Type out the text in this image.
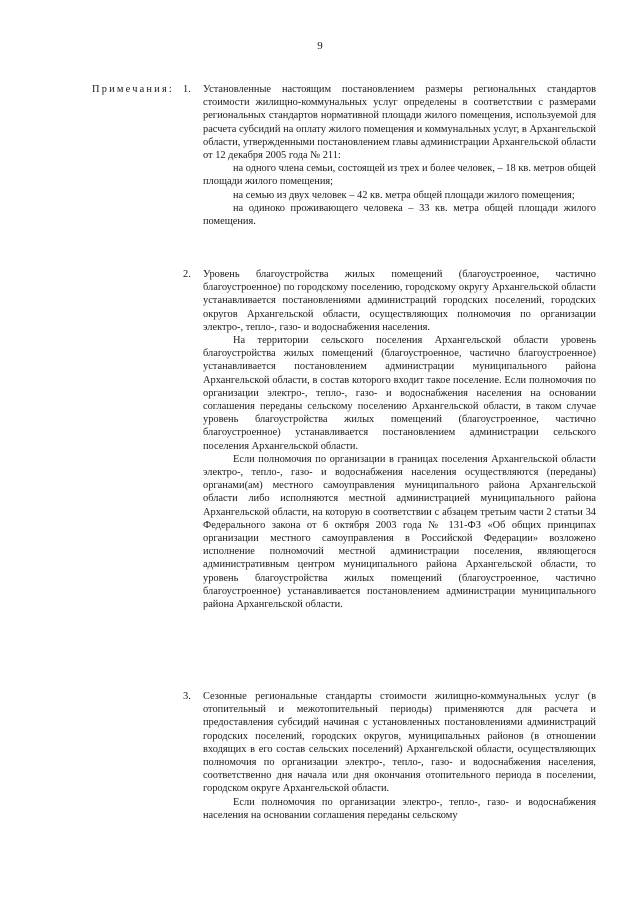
9
Примечания: 1. Установленные настоящим постановлением размеры региональных стандартов стоимости жилищно-коммунальных услуг определены в соответствии с размерами региональных стандартов нормативной площади жилого помещения, используемой для расчета субсидий на оплату жилого помещения и коммунальных услуг, в Архангельской области, утвержденными постановлением главы администрации Архангельской области от 12 декабря 2005 года № 211:

на одного члена семьи, состоящей из трех и более человек, – 18 кв. метров общей площади жилого помещения;

на семью из двух человек – 42 кв. метра общей площади жилого помещения;

на одиноко проживающего человека – 33 кв. метра общей площади жилого помещения.

2. Уровень благоустройства жилых помещений (благоустроенное, частично благоустроенное) по городскому поселению, городскому округу Архангельской области устанавливается постановлениями администраций городских поселений, городских округов Архангельской области, осуществляющих полномочия по организации электро-, тепло-, газо- и водоснабжения населения.

На территории сельского поселения Архангельской области уровень благоустройства жилых помещений (благоустроенное, частично благоустроенное) устанавливается постановлением администрации муниципального района Архангельской области, в состав которого входит такое поселение. Если полномочия по организации электро-, тепло-, газо- и водоснабжения населения на основании соглашения переданы сельскому поселению Архангельской области, в таком случае уровень благоустройства жилых помещений (благоустроенное, частично благоустроенное) устанавливается постановлением администрации сельского поселения Архангельской области.

Если полномочия по организации в границах поселения Архангельской области электро-, тепло-, газо- и водоснабжения населения осуществляются (переданы) органами(ам) местного самоуправления муниципального района Архангельской области либо исполняются местной администрацией муниципального района Архангельской области, на которую в соответствии с абзацем третьим части 2 статьи 34 Федерального закона от 6 октября 2003 года № 131-ФЗ «Об общих принципах организации местного самоуправления в Российской Федерации» возложено исполнение полномочий местной администрации поселения, являющегося административным центром муниципального района Архангельской области, то уровень благоустройства жилых помещений (благоустроенное, частично благоустроенное) устанавливается постановлением администрации муниципального района Архангельской области.

3. Сезонные региональные стандарты стоимости жилищно-коммунальных услуг (в отопительный и межотопительный периоды) применяются для расчета и предоставления субсидий начиная с установленных постановлениями администраций городских поселений, городских округов, муниципальных районов (в отношении входящих в его состав сельских поселений) Архангельской области, осуществляющих полномочия по организации электро-, тепло-, газо- и водоснабжения населения, соответственно дня начала или дня окончания отопительного периода в поселении, городском округе Архангельской области.

Если полномочия по организации электро-, тепло-, газо- и водоснабжения населения на основании соглашения переданы сельскому
